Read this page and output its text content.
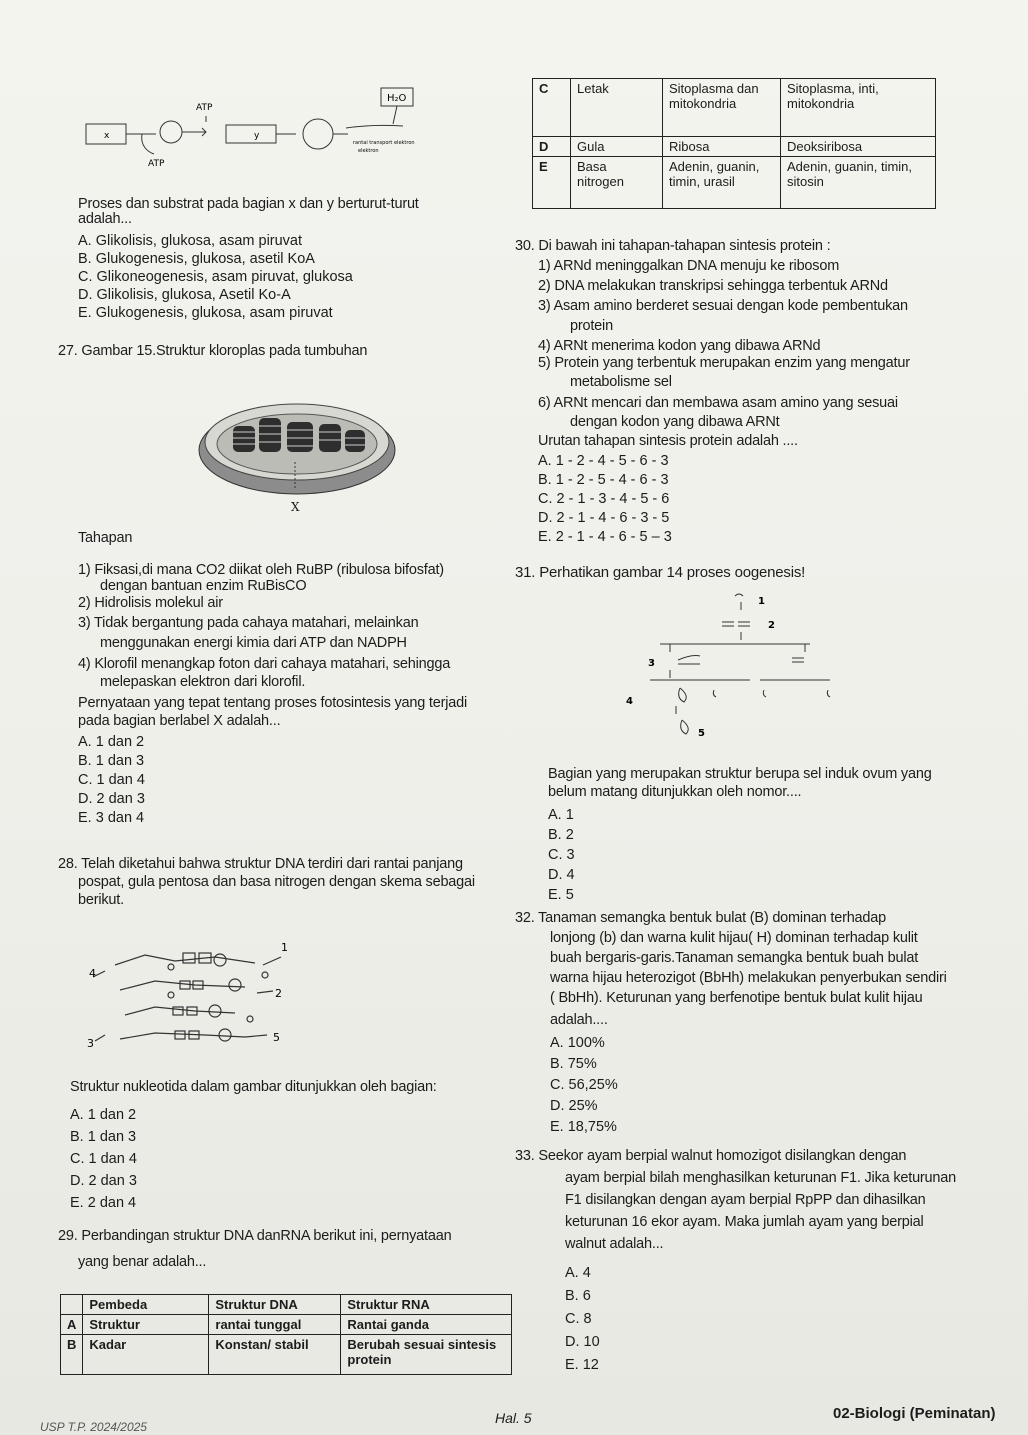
H₂O
ATP
x
ATP
y
rantai transport elektron
elektron
Proses dan substrat pada bagian x dan y berturut-turut
adalah...
A. Glikolisis, glukosa, asam piruvat
B. Glukogenesis, glukosa, asetil KoA
C. Glikoneogenesis, asam piruvat, glukosa
D. Glikolisis, glukosa, Asetil Ko-A
E. Glukogenesis, glukosa, asam piruvat
27. Gambar 15.Struktur kloroplas pada tumbuhan
X
Tahapan
1) Fiksasi,di mana CO2 diikat oleh RuBP (ribulosa bifosfat)
dengan bantuan enzim RuBisCO
2) Hidrolisis molekul air
3) Tidak bergantung pada cahaya matahari, melainkan
menggunakan energi kimia dari ATP dan NADPH
4) Klorofil menangkap foton dari cahaya matahari, sehingga
melepaskan elektron dari klorofil.
Pernyataan yang tepat tentang proses fotosintesis yang terjadi
pada bagian berlabel X adalah...
A. 1 dan 2
B. 1 dan 3
C. 1 dan 4
D. 2 dan 3
E. 3 dan 4
28. Telah diketahui bahwa struktur DNA terdiri dari rantai panjang
pospat, gula pentosa dan basa nitrogen dengan skema sebagai
berikut.
1
2
3
4
5
Struktur nukleotida dalam gambar ditunjukkan oleh bagian:
A. 1 dan 2
B. 1 dan 3
C. 1 dan 4
D. 2 dan 3
E. 2 dan 4
29. Perbandingan struktur DNA danRNA berikut ini, pernyataan
yang benar adalah...
	Pembeda	Struktur DNA	Struktur RNA
A	Struktur	rantai tunggal	Rantai ganda
B	Kadar	Konstan/ stabil	Berubah sesuai sintesis protein
C	Letak	Sitoplasma dan mitokondria	Sitoplasma, inti, mitokondria
D	Gula	Ribosa	Deoksiribosa
E	Basa nitrogen	Adenin, guanin, timin, urasil	Adenin, guanin, timin, sitosin
30. Di bawah ini tahapan-tahapan sintesis protein :
1) ARNd meninggalkan DNA menuju ke ribosom
2) DNA melakukan transkripsi sehingga terbentuk ARNd
3) Asam amino berderet sesuai dengan kode pembentukan
protein
4) ARNt menerima kodon yang dibawa ARNd
5) Protein yang terbentuk merupakan enzim yang mengatur
metabolisme sel
6) ARNt mencari dan membawa asam amino yang sesuai
dengan kodon yang dibawa ARNt
Urutan tahapan sintesis protein adalah ....
A. 1 - 2 - 4 - 5 - 6 - 3
B. 1 - 2 - 5 - 4 - 6 - 3
C. 2 - 1 - 3 - 4 - 5 - 6
D. 2 - 1 - 4 - 6 - 3 - 5
E. 2 - 1 - 4 - 6 - 5 – 3
31. Perhatikan gambar 14 proses oogenesis!
1
2
3
4
5
Bagian yang merupakan struktur berupa sel induk ovum yang
belum matang ditunjukkan oleh nomor....
A. 1
B. 2
C. 3
D. 4
E. 5
32. Tanaman semangka bentuk bulat (B) dominan terhadap
lonjong (b) dan warna kulit hijau( H) dominan terhadap kulit
buah bergaris-garis.Tanaman semangka bentuk buah bulat
warna hijau heterozigot (BbHh) melakukan penyerbukan sendiri
( BbHh). Keturunan yang berfenotipe bentuk bulat kulit hijau
adalah....
A. 100%
B. 75%
C. 56,25%
D. 25%
E. 18,75%
33. Seekor ayam berpial walnut homozigot disilangkan dengan
ayam berpial bilah menghasilkan keturunan F1. Jika keturunan
F1 disilangkan dengan ayam berpial RpPP dan dihasilkan
keturunan 16 ekor ayam. Maka jumlah ayam yang berpial
walnut adalah...
A. 4
B. 6
C. 8
D. 10
E. 12
USP T.P. 2024/2025
Hal. 5	02-Biologi (Peminatan)
